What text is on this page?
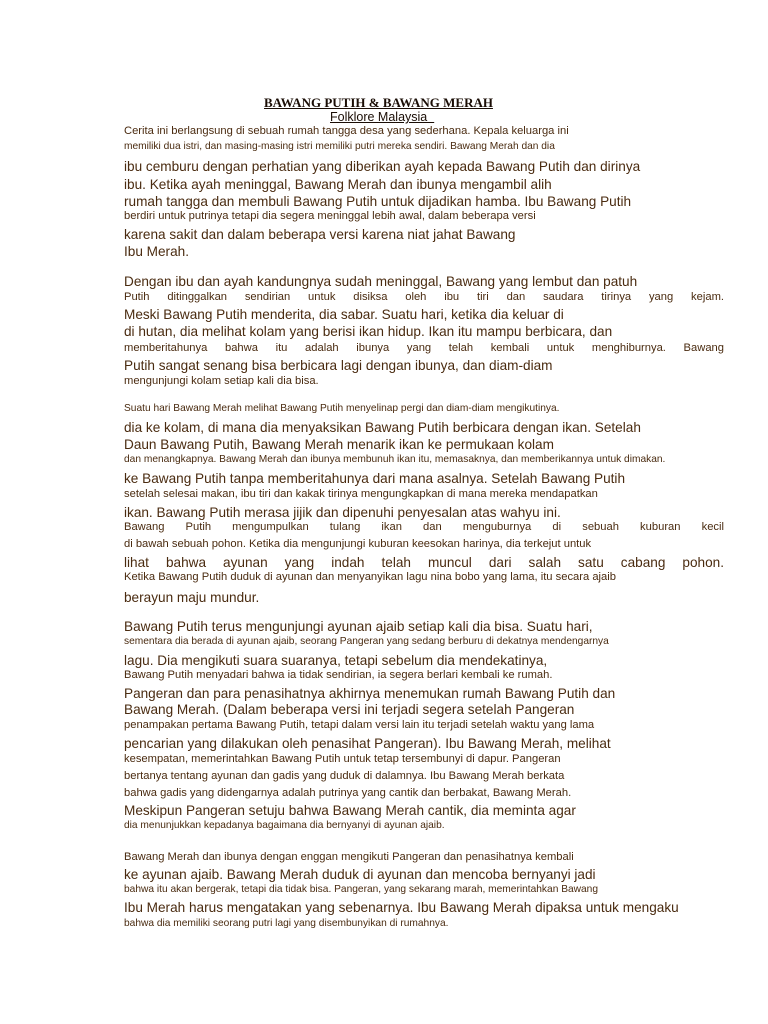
BAWANG PUTIH & BAWANG MERAH
Folklore Malaysia
Cerita ini berlangsung di sebuah rumah tangga desa yang sederhana. Kepala keluarga ini
memiliki dua istri, dan masing-masing istri memiliki putri mereka sendiri. Bawang Merah dan dia
ibu cemburu dengan perhatian yang diberikan ayah kepada Bawang Putih dan dirinya
ibu. Ketika ayah meninggal, Bawang Merah dan ibunya mengambil alih
rumah tangga dan membuli Bawang Putih untuk dijadikan hamba. Ibu Bawang Putih
berdiri untuk putrinya tetapi dia segera meninggal lebih awal, dalam beberapa versi
karena sakit dan dalam beberapa versi karena niat jahat Bawang
Ibu Merah.
Dengan ibu dan ayah kandungnya sudah meninggal, Bawang yang lembut dan patuh
Putih ditinggalkan sendirian untuk disiksa oleh ibu tiri dan saudara tirinya yang kejam.
Meski Bawang Putih menderita, dia sabar. Suatu hari, ketika dia keluar di
di hutan, dia melihat kolam yang berisi ikan hidup. Ikan itu mampu berbicara, dan
memberitahunya bahwa itu adalah ibunya yang telah kembali untuk menghiburnya. Bawang
Putih sangat senang bisa berbicara lagi dengan ibunya, dan diam-diam
mengunjungi kolam setiap kali dia bisa.
Suatu hari Bawang Merah melihat Bawang Putih menyelinap pergi dan diam-diam mengikutinya.
dia ke kolam, di mana dia menyaksikan Bawang Putih berbicara dengan ikan. Setelah
Daun Bawang Putih, Bawang Merah menarik ikan ke permukaan kolam
dan menangkapnya. Bawang Merah dan ibunya membunuh ikan itu, memasaknya, dan memberikannya untuk dimakan.
ke Bawang Putih tanpa memberitahunya dari mana asalnya. Setelah Bawang Putih
setelah selesai makan, ibu tiri dan kakak tirinya mengungkapkan di mana mereka mendapatkan
ikan. Bawang Putih merasa jijik dan dipenuhi penyesalan atas wahyu ini.
Bawang Putih mengumpulkan tulang ikan dan menguburnya di sebuah kuburan kecil
di bawah sebuah pohon. Ketika dia mengunjungi kuburan keesokan harinya, dia terkejut untuk
lihat bahwa ayunan yang indah telah muncul dari salah satu cabang pohon.
Ketika Bawang Putih duduk di ayunan dan menyanyikan lagu nina bobo yang lama, itu secara ajaib
berayun maju mundur.
Bawang Putih terus mengunjungi ayunan ajaib setiap kali dia bisa. Suatu hari,
sementara dia berada di ayunan ajaib, seorang Pangeran yang sedang berburu di dekatnya mendengarnya
lagu. Dia mengikuti suara suaranya, tetapi sebelum dia mendekatinya,
Bawang Putih menyadari bahwa ia tidak sendirian, ia segera berlari kembali ke rumah.
Pangeran dan para penasihatnya akhirnya menemukan rumah Bawang Putih dan
Bawang Merah. (Dalam beberapa versi ini terjadi segera setelah Pangeran
penampakan pertama Bawang Putih, tetapi dalam versi lain itu terjadi setelah waktu yang lama
pencarian yang dilakukan oleh penasihat Pangeran). Ibu Bawang Merah, melihat
kesempatan, memerintahkan Bawang Putih untuk tetap tersembunyi di dapur. Pangeran
bertanya tentang ayunan dan gadis yang duduk di dalamnya. Ibu Bawang Merah berkata
bahwa gadis yang didengarnya adalah putrinya yang cantik dan berbakat, Bawang Merah.
Meskipun Pangeran setuju bahwa Bawang Merah cantik, dia meminta agar
dia menunjukkan kepadanya bagaimana dia bernyanyi di ayunan ajaib.
Bawang Merah dan ibunya dengan enggan mengikuti Pangeran dan penasihatnya kembali
ke ayunan ajaib. Bawang Merah duduk di ayunan dan mencoba bernyanyi jadi
bahwa itu akan bergerak, tetapi dia tidak bisa. Pangeran, yang sekarang marah, memerintahkan Bawang
Ibu Merah harus mengatakan yang sebenarnya. Ibu Bawang Merah dipaksa untuk mengaku
bahwa dia memiliki seorang putri lagi yang disembunyikan di rumahnya.
